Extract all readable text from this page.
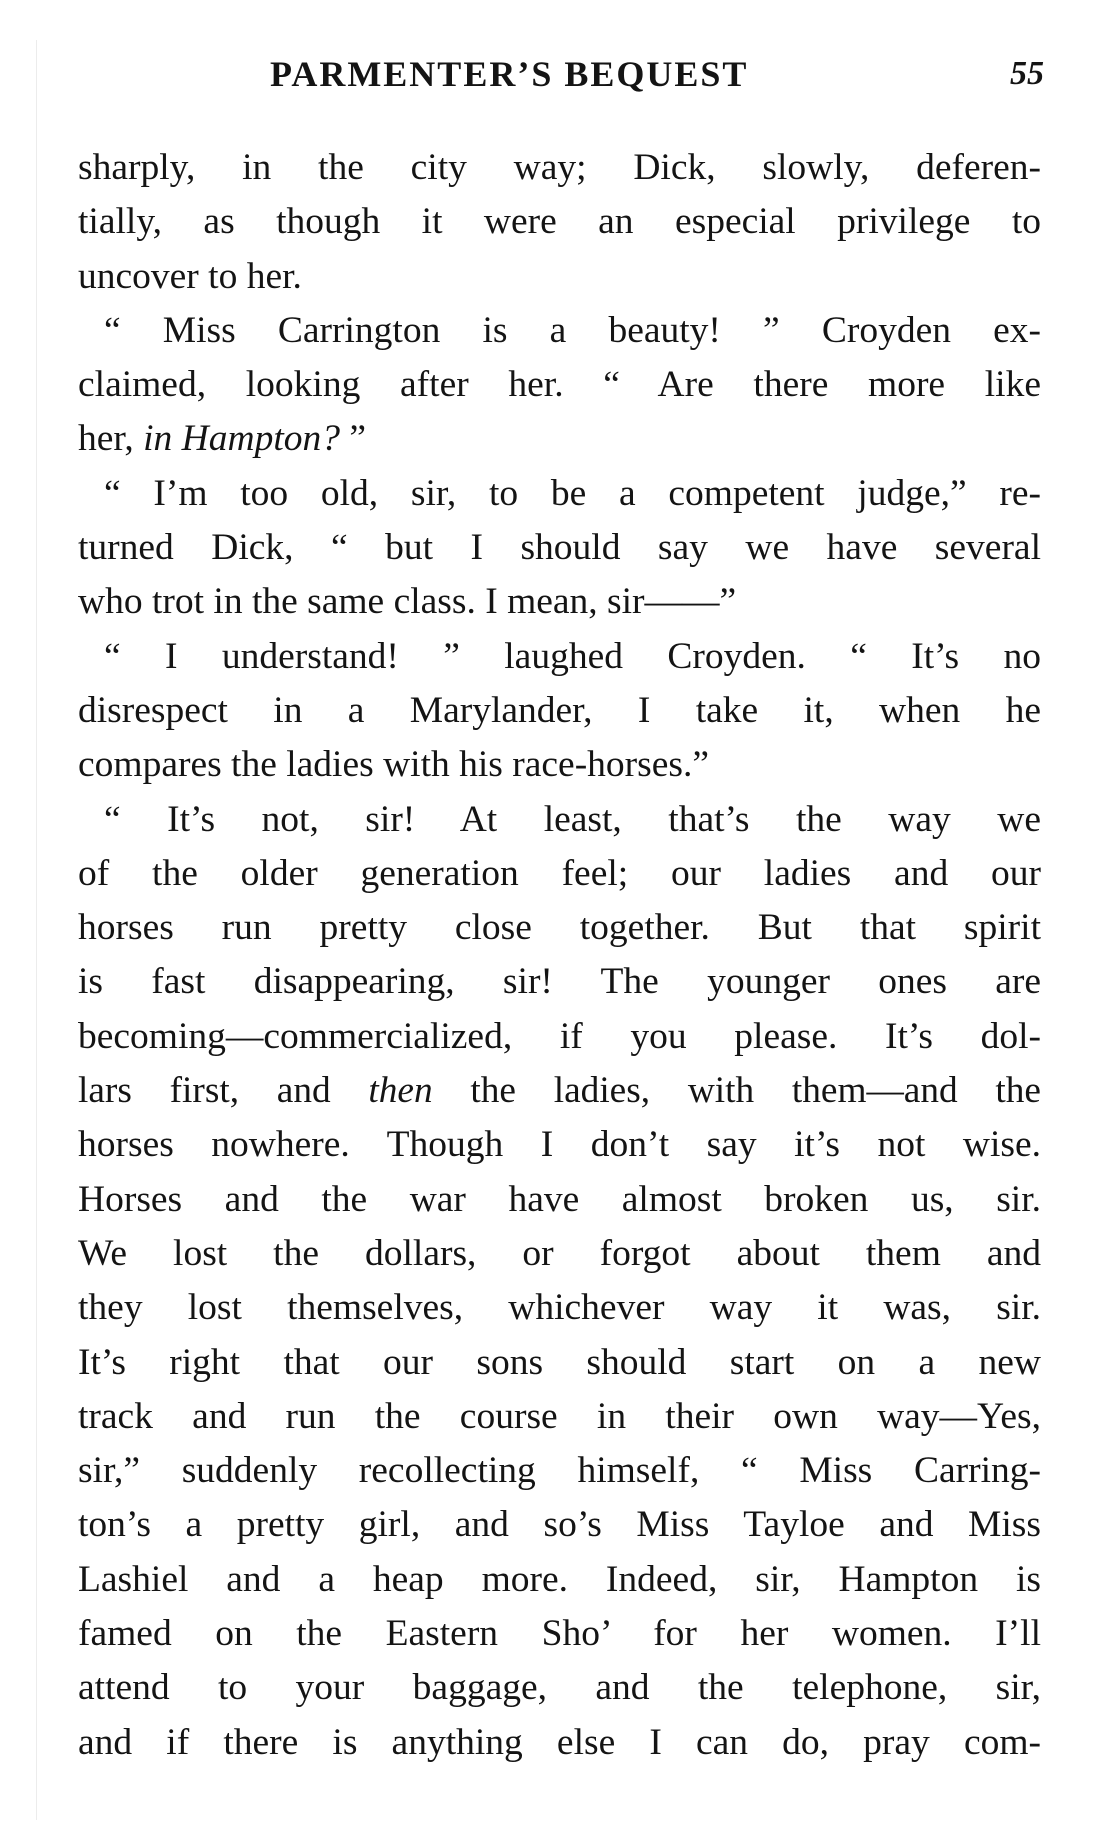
PARMENTER’S BEQUEST	55
sharply, in the city way; Dick, slowly, deferen-
tially, as though it were an especial privilege to
uncover to her.
“ Miss Carrington is a beauty! ” Croyden ex-
claimed, looking after her. “ Are there more like
her, in Hampton? ”
“ I’m too old, sir, to be a competent judge,” re-
turned Dick, “ but I should say we have several
who trot in the same class. I mean, sir——”
“ I understand! ” laughed Croyden. “ It’s no
disrespect in a Marylander, I take it, when he
compares the ladies with his race-horses.”
“ It’s not, sir! At least, that’s the way we
of the older generation feel; our ladies and our
horses run pretty close together. But that spirit
is fast disappearing, sir! The younger ones are
becoming—commercialized, if you please. It’s dol-
lars first, and then the ladies, with them—and the
horses nowhere. Though I don’t say it’s not wise.
Horses and the war have almost broken us, sir.
We lost the dollars, or forgot about them and
they lost themselves, whichever way it was, sir.
It’s right that our sons should start on a new
track and run the course in their own way—Yes,
sir,” suddenly recollecting himself, “ Miss Carring-
ton’s a pretty girl, and so’s Miss Tayloe and Miss
Lashiel and a heap more. Indeed, sir, Hampton is
famed on the Eastern Sho’ for her women. I’ll
attend to your baggage, and the telephone, sir,
and if there is anything else I can do, pray com-
